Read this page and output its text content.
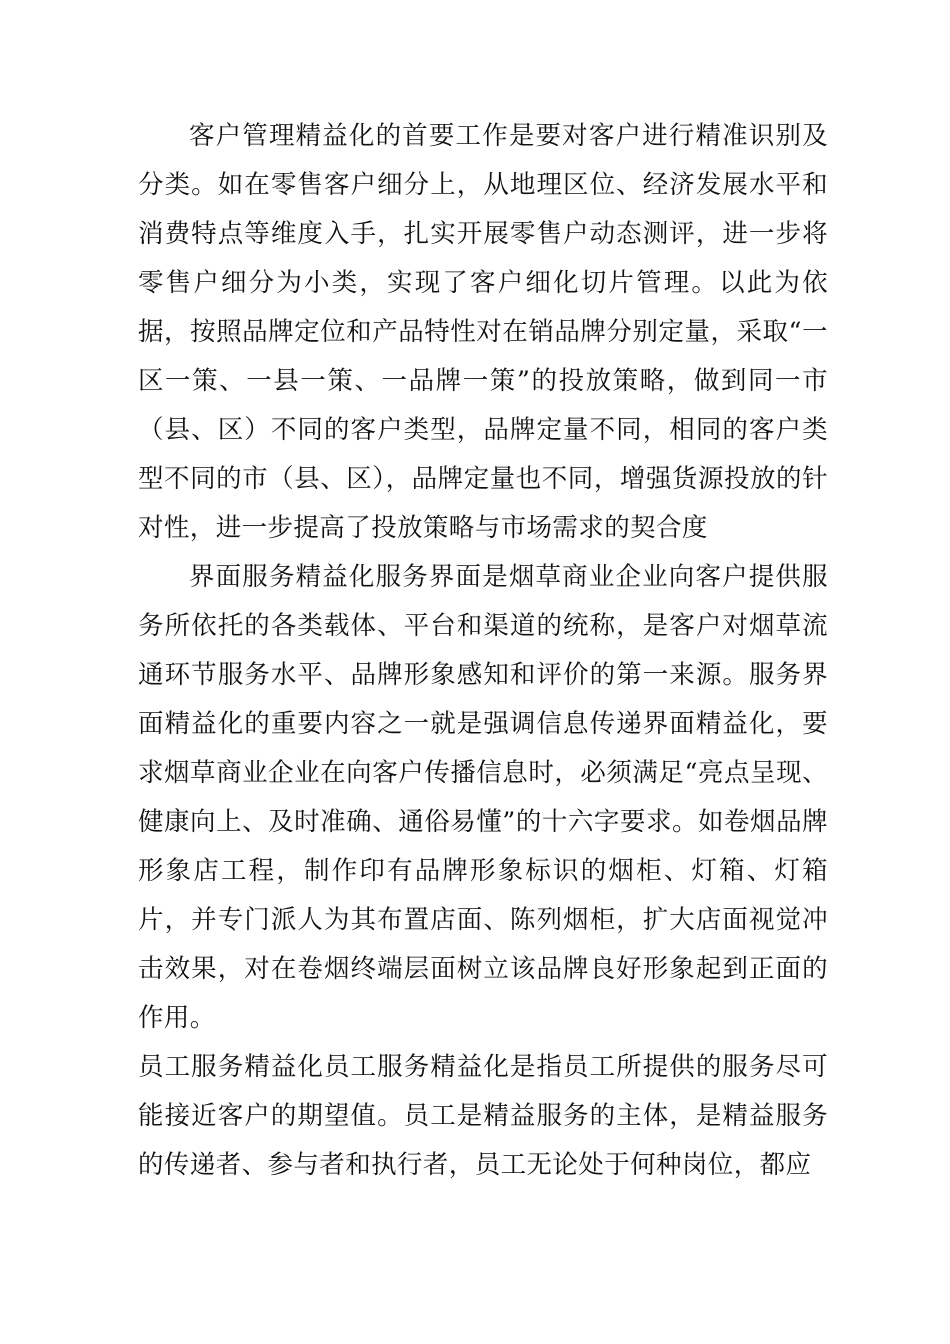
客户管理精益化的首要工作是要对客户进行精准识别及分类。如在零售客户细分上，从地理区位、经济发展水平和消费特点等维度入手，扎实开展零售户动态测评，进一步将零售户细分为小类，实现了客户细化切片管理。以此为依据，按照品牌定位和产品特性对在销品牌分别定量，采取“一区一策、一县一策、一品牌一策”的投放策略，做到同一市（县、区）不同的客户类型，品牌定量不同，相同的客户类型不同的市（县、区），品牌定量也不同，增强货源投放的针对性，进一步提高了投放策略与市场需求的契合度

界面服务精益化服务界面是烟草商业企业向客户提供服务所依托的各类载体、平台和渠道的统称，是客户对烟草流通环节服务水平、品牌形象感知和评价的第一来源。服务界面精益化的重要内容之一就是强调信息传递界面精益化，要求烟草商业企业在向客户传播信息时，必须满足“亮点呈现、健康向上、及时准确、通俗易懂”的十六字要求。如卷烟品牌形象店工程，制作印有品牌形象标识的烟柜、灯箱、灯箱片，并专门派人为其布置店面、陈列烟柜，扩大店面视觉冲击效果，对在卷烟终端层面树立该品牌良好形象起到正面的作用。

员工服务精益化员工服务精益化是指员工所提供的服务尽可能接近客户的期望值。员工是精益服务的主体，是精益服务的传递者、参与者和执行者，员工无论处于何种岗位，都应
